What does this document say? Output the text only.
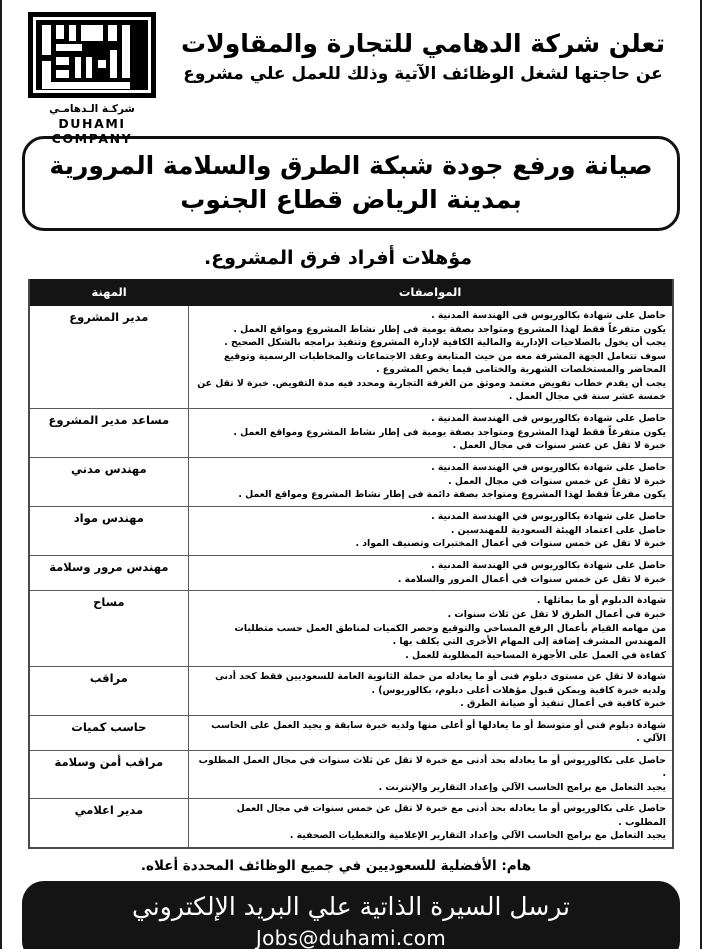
شركـة الـدهامـي
DUHAMI COMPANY
تعلن شركة الدهامي للتجارة والمقاولات
عن حاجتها لشغل الوظائف الآتية وذلك للعمل علي مشروع
صيانة ورفع جودة شبكة الطرق والسلامة المرورية
بمدينة الرياض قطاع الجنوب
مؤهلات أفراد فرق المشروع.
المواصفات	المهنة

حاصل على شهادة بكالوريوس فى الهندسة المدنية .
يكون متفرغاً فقط لهذا المشروع ومتواجد بصفة يومية فى إطار نشاط المشروع ومواقع العمل .
يجب أن يخول بالصلاحيات الإدارية والمالية الكافية لإدارة المشروع وتنفيذ برامجه بالشكل الصحيح .
سوف تتعامل الجهة المشرفة معه من حيث المتابعة وعقد الاجتماعات والمخاطبات الرسمية وتوقيع المحاضر والمستخلصات الشهرية والختامى فيما يخص المشروع .
يجب أن يقدم خطاب تفويض معتمد وموثق من الغرفة التجارية ومحدد فيه مدة التفويض. خبرة لا تقل عن خمسة عشر سنة في مجال العمل .
	مدير المشروع

حاصل على شهادة بكالوريوس فى الهندسة المدنية .
يكون متفرغاً فقط لهذا المشروع ومتواجد بصفة يومية فى إطار نشاط المشروع ومواقع العمل .
خبرة لا تقل عن عشر سنوات في مجال العمل .
	مساعد مدير المشروع

حاصل على شهادة بكالوريوس في الهندسة المدنية .
خبرة لا تقل عن خمس سنوات في مجال العمل .
يكون مفرغاً فقط لهذا المشروع ومتواجد بصفة دائمة فى إطار نشاط المشروع ومواقع العمل .
	مهندس مدني

حاصل على شهادة بكالوريوس في الهندسة المدنية .
حاصل على اعتماد الهيئة السعودية للمهندسين .
خبرة لا تقل عن خمس سنوات في أعمال المختبرات وتصنيف المواد .
	مهندس مواد

حاصل على شهادة بكالوريوس في الهندسة المدنية .
خبرة لا تقل عن خمس سنوات في أعمال المرور والسلامة .
	مهندس مرور وسلامة

شهادة الدبلوم أو ما يماثلها .
خبرة في أعمال الطرق لا تقل عن ثلاث سنوات .
من مهامه القيام بأعمال الرفع المساحي والتوقيع وحصر الكميات لمناطق العمل حسب متطلبات المهندس المشرف إضافة إلى المهام الأخرى التي يكلف بها .
كفاءة في العمل على الأجهزة المساحية المطلوبة للعمل .
	مساح

شهادة لا تقل عن مستوى دبلوم فنى أو ما يعادله من حملة الثانوية العامة للسعوديين فقط كحد أدنى ولديه خبرة كافية ويمكن قبول مؤهلات أعلى دبلوم، بكالوريوس) .
خبرة كافية في أعمال تنفيذ أو صيانة الطرق .
	مراقب

شهادة دبلوم فني أو متوسط أو ما يعادلها أو أعلى منها ولديه خبرة سابقة و يجيد العمل على الحاسب الآلي .
	حاسب كميات

حاصل على بكالوريوس أو ما يعادله بحد أدنى مع خبرة لا تقل عن ثلاث سنوات في مجال العمل المطلوب .
يجيد التعامل مع برامج الحاسب الآلي وإعداد التقارير والإنترنت .
	مراقب أمن وسلامة

حاصل على بكالوريوس أو ما يعادله بحد أدنى مع خبرة لا تقل عن خمس سنوات في مجال العمل المطلوب .
يجيد التعامل مع برامج الحاسب الآلي وإعداد التقارير الإعلامية والتغطيات الصحفية .
	مدير اعلامي
هام: الأفضلية للسعوديين في جميع الوظائف المحددة أعلاه.
ترسل السيرة الذاتية علي البريد الإلكتروني
Jobs@duhami.com
